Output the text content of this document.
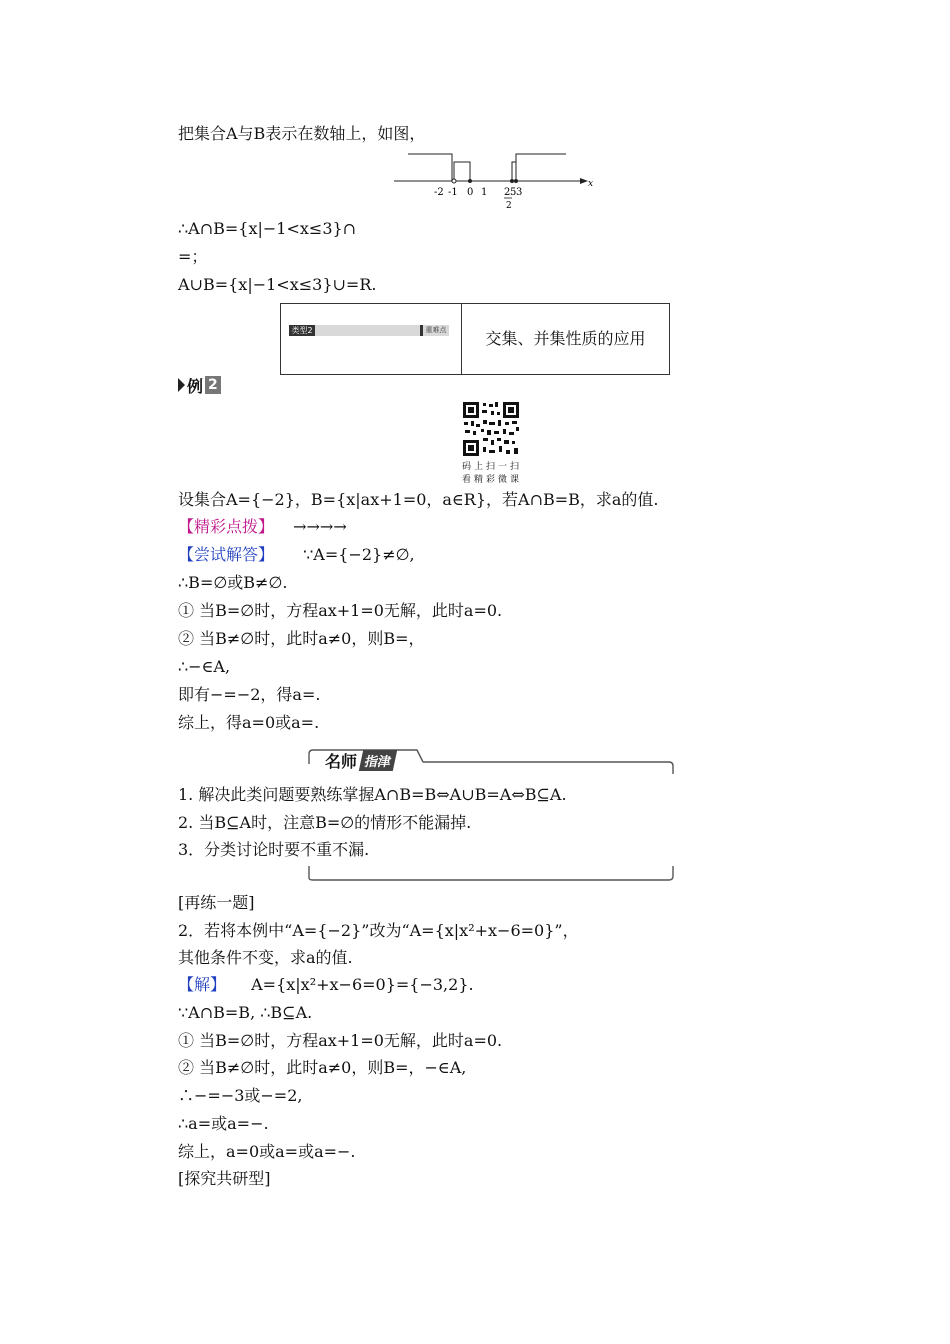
把集合A与B表示在数轴上，如图，
x
-2 -1 0 1 2 5 3
2
∴A∩B={x|−1<x≤3}∩
=；
A∪B={x|−1<x≤3}∪=R.
类型2	重难点	交集、并集性质的应用
例 2
码上扫一扫
看精彩微课
设集合A={−2}，B={x|ax+1=0，a∈R}，若A∩B=B，求a的值.
【精彩点拨】 →→→→
【尝试解答】 ∵A={−2}≠∅,
∴B=∅或B≠∅.
① 当B=∅时，方程ax+1=0无解，此时a=0.
② 当B≠∅时，此时a≠0，则B=，
∴−∈A,
即有−=−2，得a=.
综上，得a=0或a=.
名师 指津
1. 解决此类问题要熟练掌握A∩B=B⇔A∪B=A⇔B⊆A.
2. 当B⊆A时，注意B=∅的情形不能漏掉.
3．分类讨论时要不重不漏.
[再练一题]
2．若将本例中“A={−2}”改为“A={x|x²+x−6=0}”，
其他条件不变，求a的值.
【解】 A={x|x²+x−6=0}={−3,2}.
∵A∩B=B, ∴B⊆A.
① 当B=∅时，方程ax+1=0无解，此时a=0.
② 当B≠∅时，此时a≠0，则B=，−∈A,
∴−=−3或−=2,
∴a=或a=−.
综上，a=0或a=或a=−.
[探究共研型]
